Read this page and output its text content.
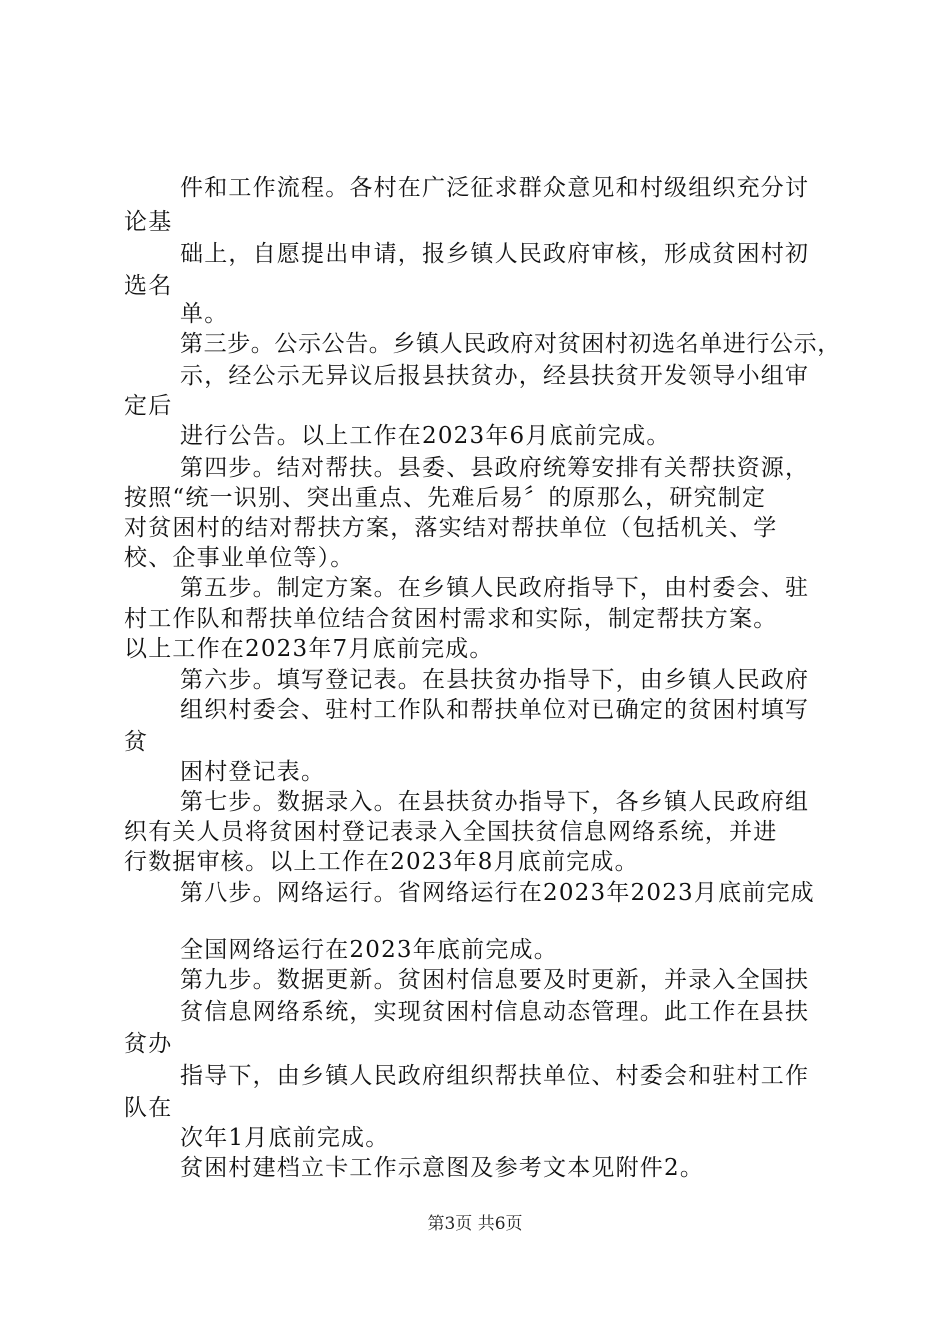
件和工作流程。各村在广泛征求群众意见和村级组织充分讨
论基
础上，自愿提出申请，报乡镇人民政府审核，形成贫困村初
选名
单。
第三步。公示公告。乡镇人民政府对贫困村初选名单进行公示，
示，经公示无异议后报县扶贫办，经县扶贫开发领导小组审
定后
进行公告。以上工作在2023年6月底前完成。
第四步。结对帮扶。县委、县政府统筹安排有关帮扶资源，
按照“统一识别、突出重点、先难后易〞的原那么，研究制定
对贫困村的结对帮扶方案，落实结对帮扶单位（包括机关、学
校、企事业单位等）。
第五步。制定方案。在乡镇人民政府指导下，由村委会、驻
村工作队和帮扶单位结合贫困村需求和实际，制定帮扶方案。
以上工作在2023年7月底前完成。
第六步。填写登记表。在县扶贫办指导下，由乡镇人民政府
组织村委会、驻村工作队和帮扶单位对已确定的贫困村填写
贫
困村登记表。
第七步。数据录入。在县扶贫办指导下，各乡镇人民政府组
织有关人员将贫困村登记表录入全国扶贫信息网络系统，并进
行数据审核。以上工作在2023年8月底前完成。
第八步。网络运行。省网络运行在2023年2023月底前完成
全国网络运行在2023年底前完成。
第九步。数据更新。贫困村信息要及时更新，并录入全国扶
贫信息网络系统，实现贫困村信息动态管理。此工作在县扶
贫办
指导下，由乡镇人民政府组织帮扶单位、村委会和驻村工作
队在
次年1月底前完成。
贫困村建档立卡工作示意图及参考文本见附件2。
第3页 共6页
